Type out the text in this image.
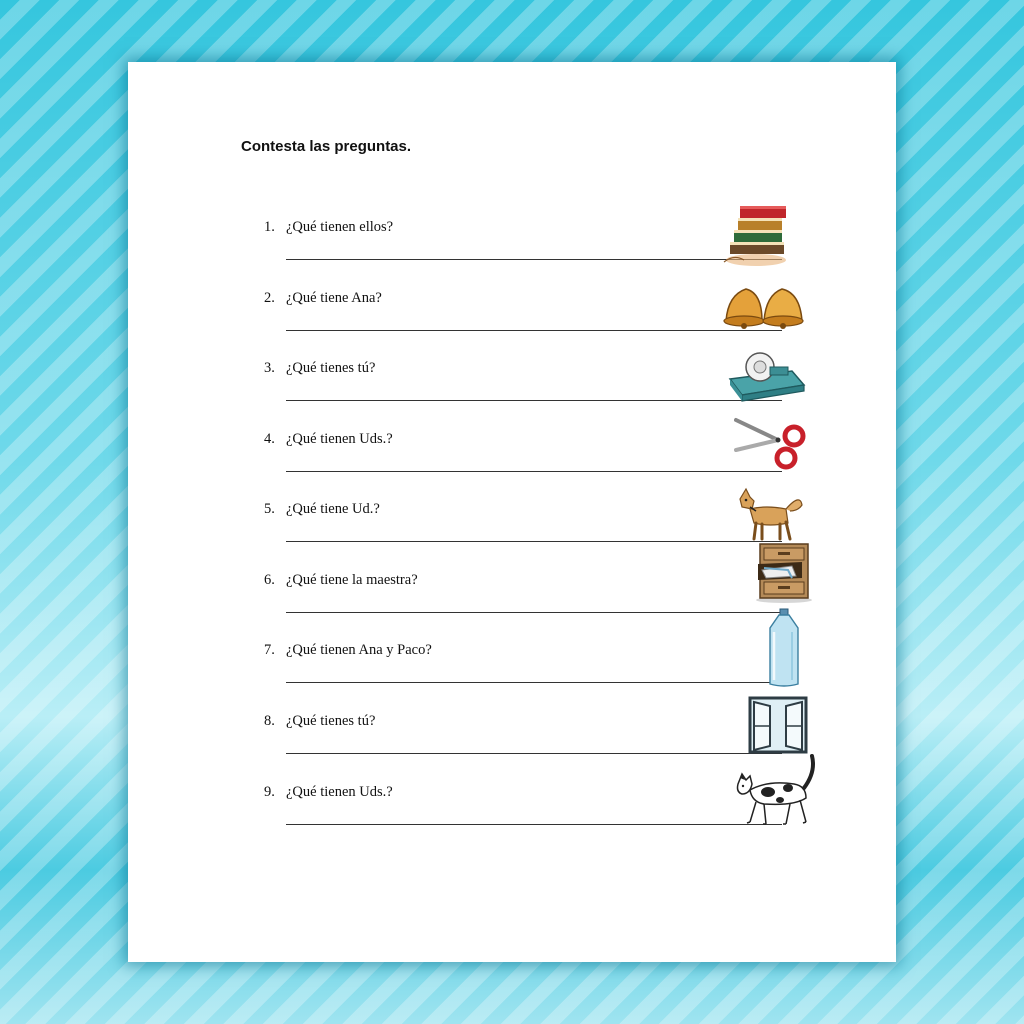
Contesta las preguntas.
1. ¿Qué tienen ellos?
2. ¿Qué tiene Ana?
3. ¿Qué tienes tú?
4. ¿Qué tienen Uds.?
5. ¿Qué tiene Ud.?
6. ¿Qué tiene la maestra?
7. ¿Qué tienen Ana y Paco?
8. ¿Qué tienes tú?
9. ¿Qué tienen Uds.?
